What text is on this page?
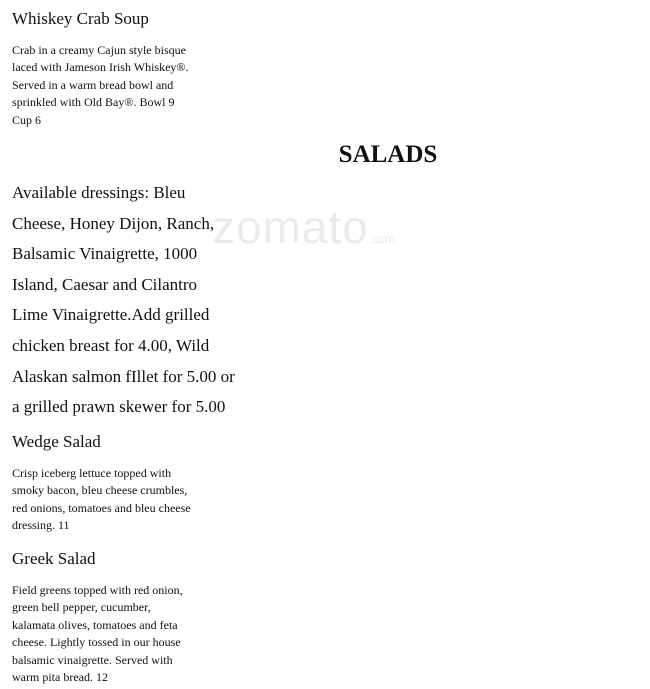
zomato.com
Whiskey Crab Soup

Crab in a creamy Cajun style bisque
laced with Jameson Irish Whiskey®.
Served in a warm bread bowl and
sprinkled with Old Bay®. Bowl 9
Cup 6

SALADS

Available dressings: Bleu
Cheese, Honey Dijon, Ranch,
Balsamic Vinaigrette, 1000
Island, Caesar and Cilantro
Lime Vinaigrette.Add grilled
chicken breast for 4.00, Wild
Alaskan salmon fIllet for 5.00 or
a grilled prawn skewer for 5.00

Wedge Salad

Crisp iceberg lettuce topped with
smoky bacon, bleu cheese crumbles,
red onions, tomatoes and bleu cheese
dressing. 11

Greek Salad

Field greens topped with red onion,
green bell pepper, cucumber,
kalamata olives, tomatoes and feta
cheese. Lightly tossed in our house
balsamic vinaigrette. Served with
warm pita bread. 12
